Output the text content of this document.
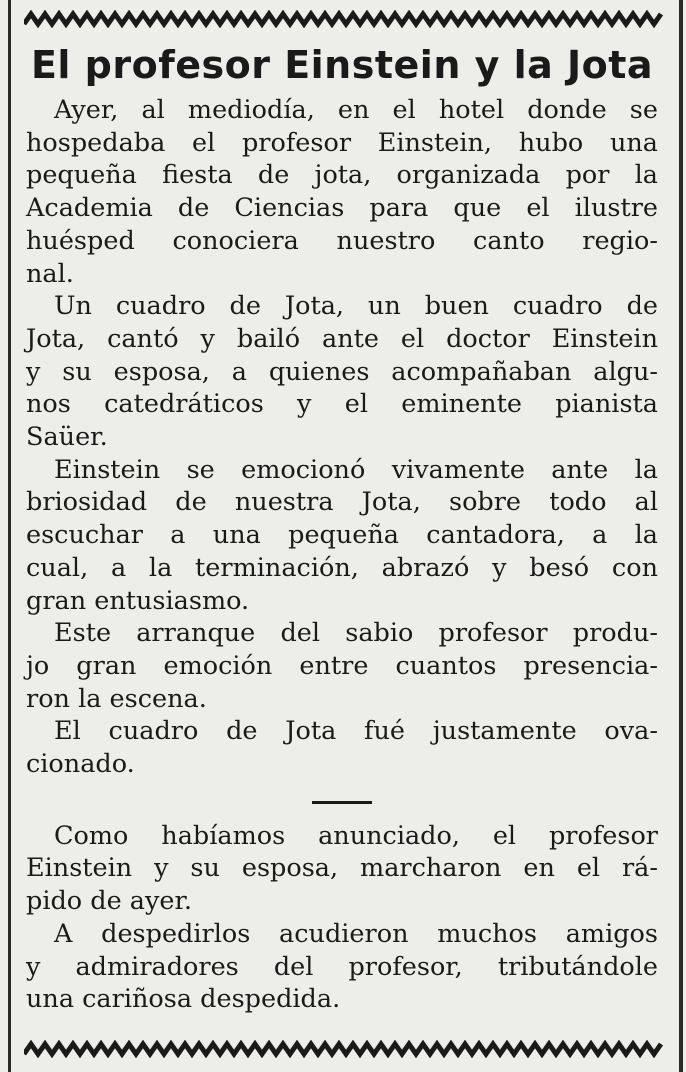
El profesor Einstein y la Jota

Ayer, al mediodía, en el hotel donde se
hospedaba el profesor Einstein, hubo una
pequeña fiesta de jota, organizada por la
Academia de Ciencias para que el ilustre
huésped conociera nuestro canto regio-
nal.

Un cuadro de Jota, un buen cuadro de
Jota, cantó y bailó ante el doctor Einstein
y su esposa, a quienes acompañaban algu-
nos catedráticos y el eminente pianista
Saüer.

Einstein se emocionó vivamente ante la
briosidad de nuestra Jota, sobre todo al
escuchar a una pequeña cantadora, a la
cual, a la terminación, abrazó y besó con
gran entusiasmo.

Este arranque del sabio profesor produ-
jo gran emoción entre cuantos presencia-
ron la escena.

El cuadro de Jota fué justamente ova-
cionado.

Como habíamos anunciado, el profesor
Einstein y su esposa, marcharon en el rá-
pido de ayer.

A despedirlos acudieron muchos amigos
y admiradores del profesor, tributándole
una cariñosa despedida.
